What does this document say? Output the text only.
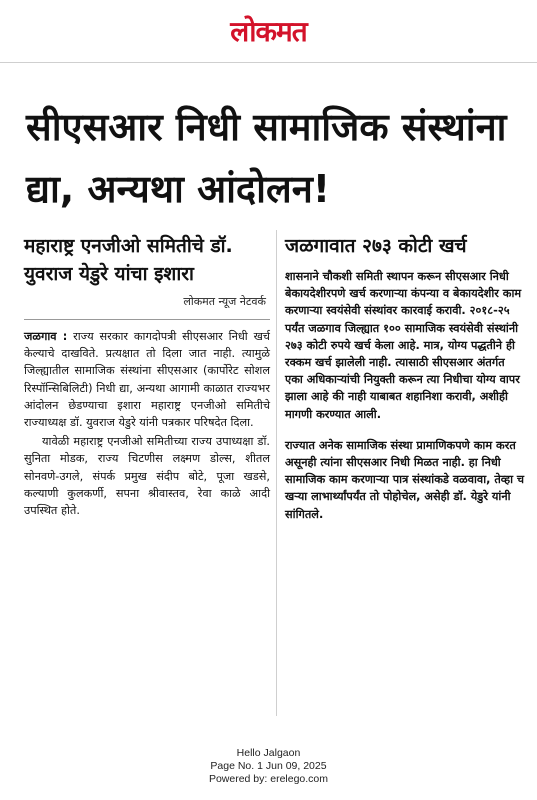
लोकमत
सीएसआर निधी सामाजिक संस्थांना द्या, अन्यथा आंदोलन!
महाराष्ट्र एनजीओ समितीचे डॉ. युवराज येडुरे यांचा इशारा
लोकमत न्यूज नेटवर्क

जळगाव : राज्य सरकार कागदोपत्री सीएसआर निधी खर्च केल्याचे दाखविते. प्रत्यक्षात तो दिला जात नाही. त्यामुळे जिल्ह्यातील सामाजिक संस्थांना सीएसआर (कार्पोरेट सोशल रिस्पॉन्सिबिलिटी) निधी द्या, अन्यथा आगामी काळात राज्यभर आंदोलन छेडण्याचा इशारा महाराष्ट्र एनजीओ समितीचे राज्याध्यक्ष डॉ. युवराज येडुरे यांनी पत्रकार परिषदेत दिला.

यावेळी महाराष्ट्र एनजीओ समितीच्या राज्य उपाध्यक्षा डॉ. सुनिता मोडक, राज्य चिटणीस लक्ष्मण डोल्स, शीतल सोनवणे-उगले, संपर्क प्रमुख संदीप बोटे, पूजा खडसे, कल्याणी कुलकर्णी, सपना श्रीवास्तव, रेवा काळे आदी उपस्थित होते.

जळगावात २७३ कोटी खर्च

शासनाने चौकशी समिती स्थापन करून सीएसआर निधी बेकायदेशीरपणे खर्च करणाऱ्या कंपन्या व बेकायदेशीर काम करणाऱ्या स्वयंसेवी संस्थांवर कारवाई करावी. २०१८-२५ पर्यंत जळगाव जिल्ह्यात १०० सामाजिक स्वयंसेवी संस्थांनी २७३ कोटी रुपये खर्च केला आहे. मात्र, योग्य पद्धतीने ही रक्कम खर्च झालेली नाही. त्यासाठी सीएसआर अंतर्गत एका अधिकाऱ्यांची नियुक्ती करून त्या निधीचा योग्य वापर झाला आहे की नाही याबाबत शहानिशा करावी, अशीही मागणी करण्यात आली.

राज्यात अनेक सामाजिक संस्था प्रामाणिकपणे काम करत असूनही त्यांना सीएसआर निधी मिळत नाही. हा निधी सामाजिक काम करणाऱ्या पात्र संस्थांकडे वळवावा, तेव्हा च खऱ्या लाभार्थ्यांपर्यंत तो पोहोचेल, असेही डॉ. येडुरे यांनी सांगितले.

Hello Jalgaon
Page No. 1 Jun 09, 2025
Powered by: erelego.com
